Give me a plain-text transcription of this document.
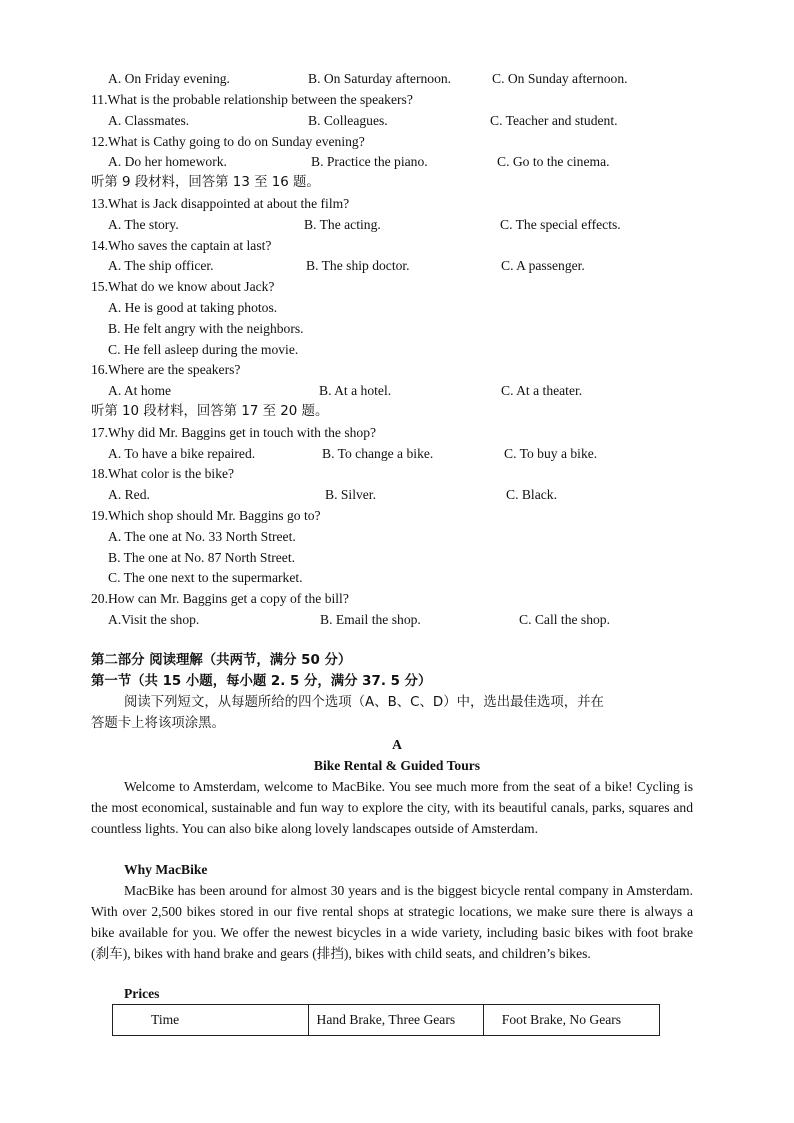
A. On Friday evening.	B. On Saturday afternoon.	C. On Sunday afternoon.
11.What is the probable relationship between the speakers?
A. Classmates.	B. Colleagues.	C. Teacher and student.
12.What is Cathy going to do on Sunday evening?
A. Do her homework.	B. Practice the piano.	C. Go to the cinema.
听第 9 段材料，回答第 13 至 16 题。
13.What is Jack disappointed at about the film?
A. The story.	B. The acting.	C. The special effects.
14.Who saves the captain at last?
A. The ship officer.	B. The ship doctor.	C. A passenger.
15.What do we know about Jack?
A. He is good at taking photos.
B. He felt angry with the neighbors.
C. He fell asleep during the movie.
16.Where are the speakers?
A. At home	B. At a hotel.	C. At a theater.
听第 10 段材料，回答第 17 至 20 题。
17.Why did Mr. Baggins get in touch with the shop?
A. To have a bike repaired.	B. To change a bike.	C. To buy a bike.
18.What color is the bike?
A. Red.	B. Silver.	C. Black.
19.Which shop should Mr. Baggins go to?
A. The one at No. 33 North Street.
B. The one at No. 87 North Street.
C. The one next to the supermarket.
20.How can Mr. Baggins get a copy of the bill?
A.Visit the shop.	B. Email the shop.	C. Call the shop.
第二部分 阅读理解（共两节，满分 50 分）
第一节（共 15 小题，每小题 2. 5 分，满分 37. 5 分）
阅读下列短文，从每题所给的四个选项（A、B、C、D）中，选出最佳选项，并在
答题卡上将该项涂黑。
A
Bike Rental & Guided Tours

Welcome to Amsterdam, welcome to MacBike. You see much more from the seat of a bike! Cycling is the most economical, sustainable and fun way to explore the city, with its beautiful canals, parks, squares and countless lights. You can also bike along lovely landscapes outside of Amsterdam.

Why MacBike

MacBike has been around for almost 30 years and is the biggest bicycle rental company in Amsterdam. With over 2,500 bikes stored in our five rental shops at strategic locations, we make sure there is always a bike available for you. We offer the newest bicycles in a wide variety, including basic bikes with foot brake (刹车), bikes with hand brake and gears (排挡), bikes with child seats, and children’s bikes.

Prices
Time	Hand Brake, Three Gears	Foot Brake, No Gears
